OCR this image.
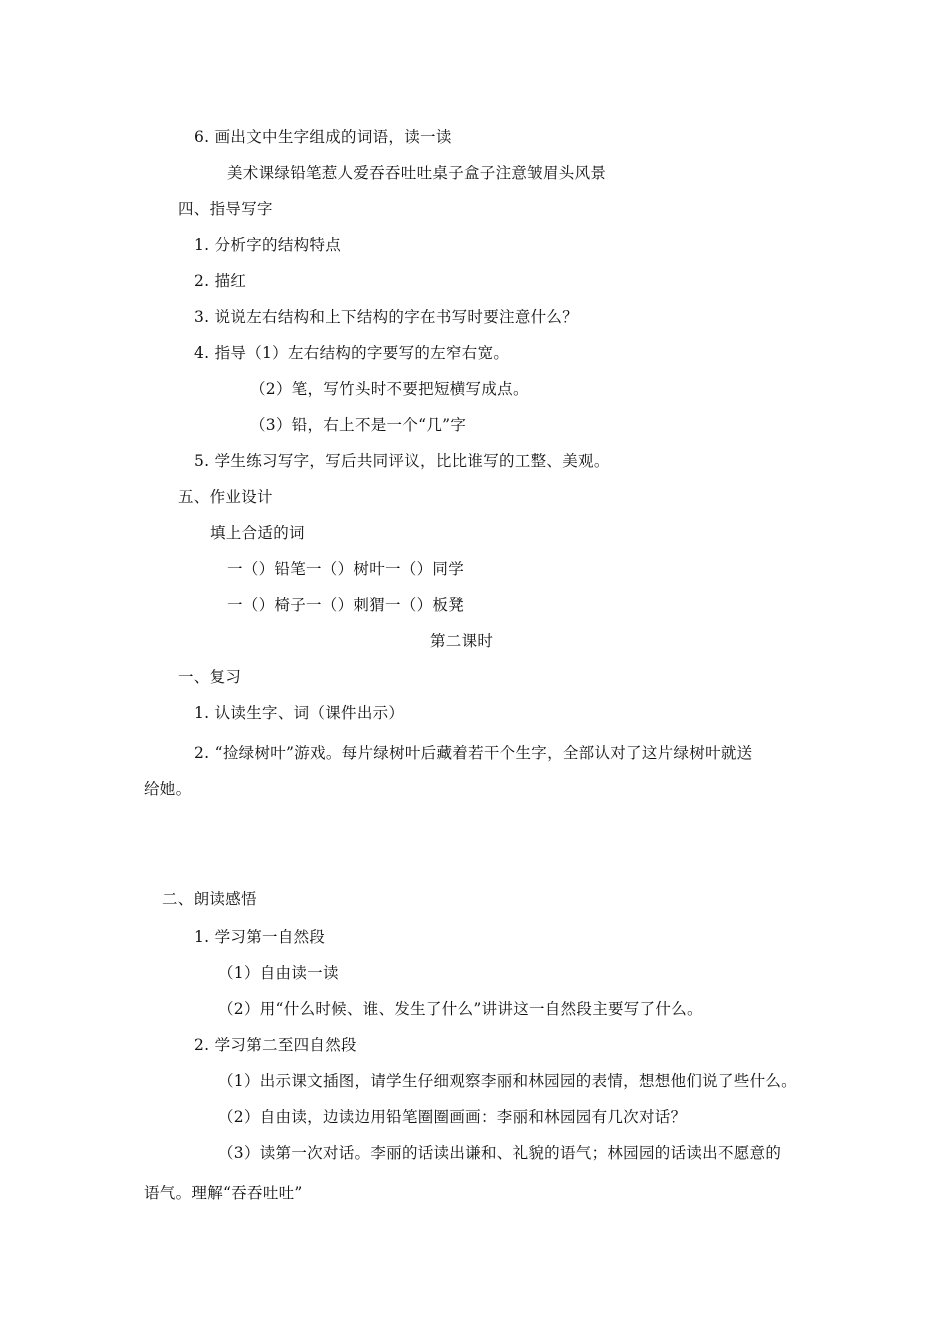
6. 画出文中生字组成的词语，读一读
美术课绿铅笔惹人爱吞吞吐吐桌子盒子注意皱眉头风景
四、指导写字
1. 分析字的结构特点
2. 描红
3. 说说左右结构和上下结构的字在书写时要注意什么？
4. 指导（1）左右结构的字要写的左窄右宽。
（2）笔，写竹头时不要把短横写成点。
（3）铅，右上不是一个“几”字
5. 学生练习写字，写后共同评议，比比谁写的工整、美观。
五、作业设计
填上合适的词
一（）铅笔一（）树叶一（）同学
一（）椅子一（）刺猬一（）板凳
第二课时
一、复习
1. 认读生字、词（课件出示）
2. “捡绿树叶”游戏。每片绿树叶后藏着若干个生字，全部认对了这片绿树叶就送
给她。
二、朗读感悟
1. 学习第一自然段
（1）自由读一读
（2）用“什么时候、谁、发生了什么”讲讲这一自然段主要写了什么。
2. 学习第二至四自然段
（1）出示课文插图，请学生仔细观察李丽和林园园的表情，想想他们说了些什么。
（2）自由读，边读边用铅笔圈圈画画：李丽和林园园有几次对话？
（3）读第一次对话。李丽的话读出谦和、礼貌的语气；林园园的话读出不愿意的
语气。理解“吞吞吐吐”
